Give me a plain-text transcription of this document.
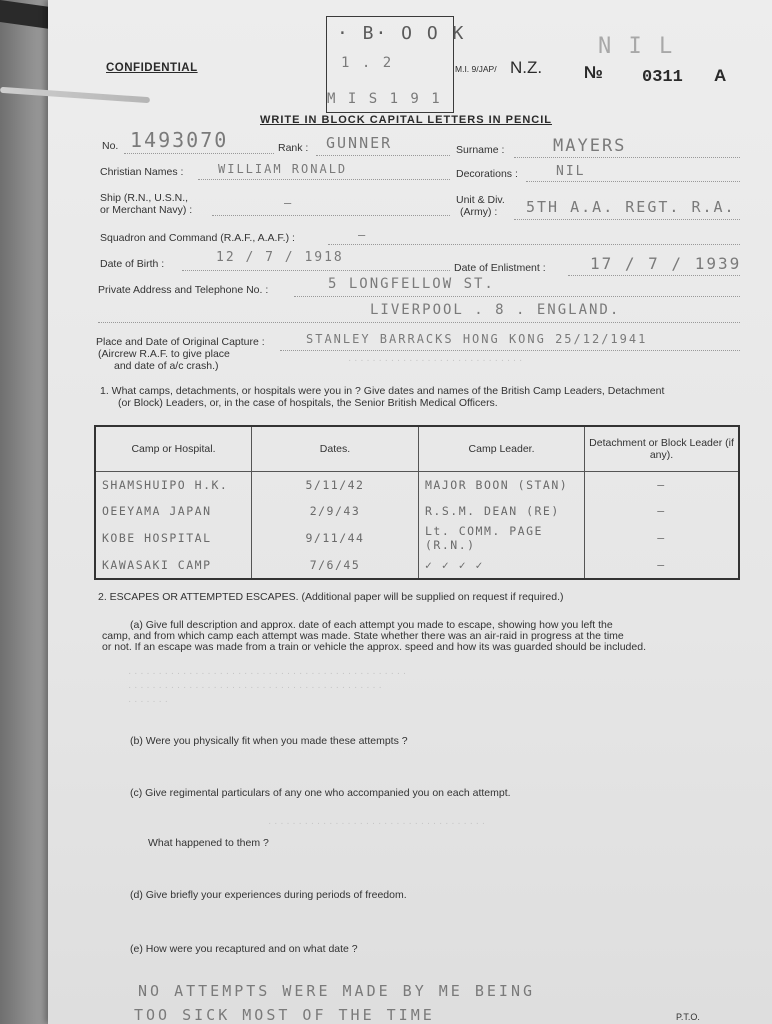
CONFIDENTIAL
· B· O O K
1 . 2
M I S 1 9 1
N I L
M.I. 9/JAP/ N.Z. № 0311 A
WRITE IN BLOCK CAPITAL LETTERS IN PENCIL
No. 1493070	Rank : GUNNER	Surname :	MAYERS
Christian Names :	WILLIAM RONALD	Decorations :	NIL
Ship (R.N., U.S.N.,
or Merchant Navy) :	—	Unit & Div.
(Army) : 5TH A.A. REGT. R.A.
Squadron and Command (R.A.F., A.A.F.) :	—
Date of Birth :	12 / 7 / 1918
Date of Enlistment :	17 / 7 / 1939
Private Address and Telephone No. :	5 LONGFELLOW ST.
LIVERPOOL . 8 . ENGLAND.
Place and Date of Original Capture :
(Aircrew R.A.F. to give place
and date of a/c crash.)
STANLEY BARRACKS HONG KONG 25/12/1941
· · · · · · · · · · · · · · · · · · · · · · · · · · · · ·
1. What camps, detachments, or hospitals were you in ? Give dates and names of the British Camp Leaders, Detachment
(or Block) Leaders, or, in the case of hospitals, the Senior British Medical Officers.
Camp or Hospital.	Dates.	Camp Leader.	Detachment or Block Leader (if any).
SHAMSHUIPO H.K.	5/11/42	MAJOR BOON (STAN)	—
OEEYAMA JAPAN	2/9/43	R.S.M. DEAN (RE)	—
KOBE HOSPITAL	9/11/44	Lt. COMM. PAGE (R.N.)	—
KAWASAKI CAMP	7/6/45	✓ ✓ ✓ ✓	—
2. ESCAPES OR ATTEMPTED ESCAPES. (Additional paper will be supplied on request if required.)
(a) Give full description and approx. date of each attempt you made to escape, showing how you left the
camp, and from which camp each attempt was made. State whether there was an air-raid in progress at the time
or not. If an escape was made from a train or vehicle the approx. speed and how its was guarded should be included.
· · · · · · · · · · · · · · · · · · · · · · · · · · · · · · · · · · · · · · · · · · · · · ·
· · · · · · · · · · · · · · · · · · · · · · · · · · · · · · · · · · · · · · · · · ·
· · · · · · ·
(b) Were you physically fit when you made these attempts ?
(c) Give regimental particulars of any one who accompanied you on each attempt.
· · · · · · · · · · · · · · · · · · · · · · · · · · · · · · · · · · · ·
What happened to them ?
(d) Give briefly your experiences during periods of freedom.
(e) How were you recaptured and on what date ?
NO ATTEMPTS WERE MADE BY ME BEING
TOO SICK MOST OF THE TIME	P.T.O.
